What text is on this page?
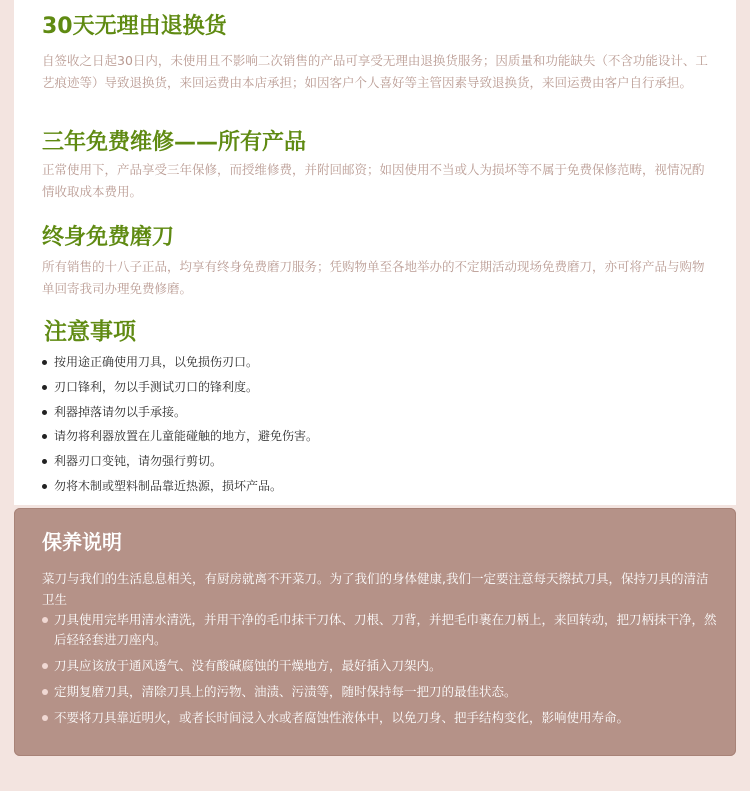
30天无理由退换货

自签收之日起30日内，未使用且不影响二次销售的产品可享受无理由退换货服务；因质量和功能缺失（不含功能设计、工艺痕迹等）导致退换货，来回运费由本店承担；如因客户个人喜好等主管因素导致退换货，来回运费由客户自行承担。

三年免费维修——所有产品

正常使用下，产品享受三年保修，而授维修费，并附回邮资；如因使用不当或人为损坏等不属于免费保修范畴，视情况酌情收取成本费用。

终身免费磨刀

所有销售的十八子正品，均享有终身免费磨刀服务；凭购物单至各地举办的不定期活动现场免费磨刀，亦可将产品与购物单回寄我司办理免费修磨。

注意事项
按用途正确使用刀具，以免损伤刃口。
刃口锋利，勿以手测试刃口的锋利度。
利器掉落请勿以手承接。
请勿将利器放置在儿童能碰触的地方，避免伤害。
利器刃口变钝，请勿强行剪切。
勿将木制或塑料制品靠近热源，损坏产品。
保养说明

菜刀与我们的生活息息相关，有厨房就离不开菜刀。为了我们的身体健康,我们一定要注意每天擦拭刀具，保持刀具的清洁卫生

刀具使用完毕用清水清洗，并用干净的毛巾抹干刀体、刀根、刀背，并把毛巾裹在刀柄上，来回转动，把刀柄抹干净，然后轻轻套进刀座内。
刀具应该放于通风透气、没有酸碱腐蚀的干燥地方，最好插入刀架内。
定期复磨刀具，清除刀具上的污物、油渍、污渍等，随时保持每一把刀的最佳状态。
不要将刀具靠近明火，或者长时间浸入水或者腐蚀性液体中，以免刀身、把手结构变化，影响使用寿命。
